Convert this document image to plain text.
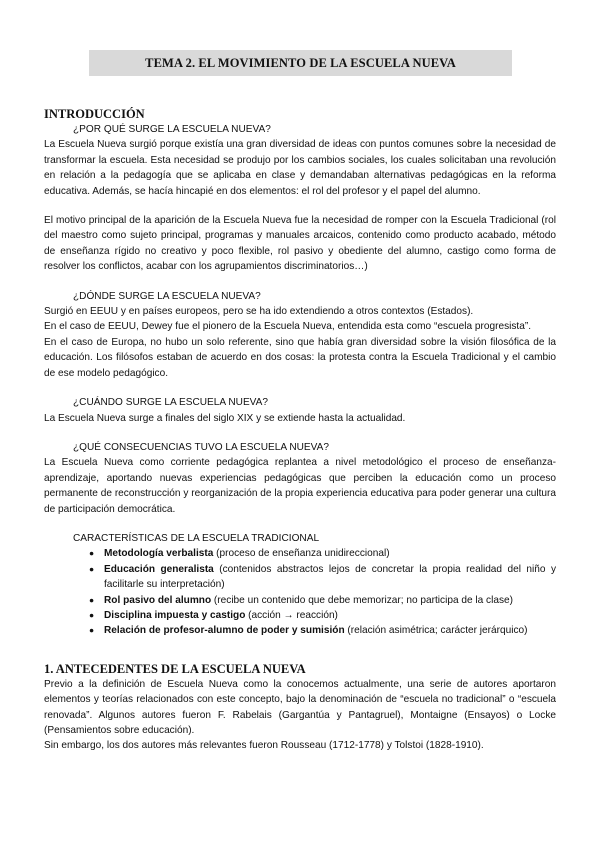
TEMA 2. EL MOVIMIENTO DE LA ESCUELA NUEVA
INTRODUCCIÓN

¿POR QUÉ SURGE LA ESCUELA NUEVA?

La Escuela Nueva surgió porque existía una gran diversidad de ideas con puntos comunes sobre la necesidad de transformar la escuela. Esta necesidad se produjo por los cambios sociales, los cuales solicitaban una revolución en relación a la pedagogía que se aplicaba en clase y demandaban alternativas pedagógicas en la reforma educativa. Además, se hacía hincapié en dos elementos: el rol del profesor y el papel del alumno.

El motivo principal de la aparición de la Escuela Nueva fue la necesidad de romper con la Escuela Tradicional (rol del maestro como sujeto principal, programas y manuales arcaicos, contenido como producto acabado, método de enseñanza rígido no creativo y poco flexible, rol pasivo y obediente del alumno, castigo como forma de resolver los conflictos, acabar con los agrupamientos discriminatorios…)

¿DÓNDE SURGE LA ESCUELA NUEVA?

Surgió en EEUU y en países europeos, pero se ha ido extendiendo a otros contextos (Estados).

En el caso de EEUU, Dewey fue el pionero de la Escuela Nueva, entendida esta como “escuela progresista”.

En el caso de Europa, no hubo un solo referente, sino que había gran diversidad sobre la visión filosófica de la educación. Los filósofos estaban de acuerdo en dos cosas: la protesta contra la Escuela Tradicional y el cambio de ese modelo pedagógico.

¿CUÁNDO SURGE LA ESCUELA NUEVA?

La Escuela Nueva surge a finales del siglo XIX y se extiende hasta la actualidad.

¿QUÉ CONSECUENCIAS TUVO LA ESCUELA NUEVA?

La Escuela Nueva como corriente pedagógica replantea a nivel metodológico el proceso de enseñanza-aprendizaje, aportando nuevas experiencias pedagógicas que perciben la educación como un proceso permanente de reconstrucción y reorganización de la propia experiencia educativa para poder generar una cultura de participación democrática.

CARACTERÍSTICAS DE LA ESCUELA TRADICIONAL

● Metodología verbalista (proceso de enseñanza unidireccional)
● Educación generalista (contenidos abstractos lejos de concretar la propia realidad del niño y facilitarle su interpretación)
● Rol pasivo del alumno (recibe un contenido que debe memorizar; no participa de la clase)
● Disciplina impuesta y castigo (acción → reacción)
● Relación de profesor-alumno de poder y sumisión (relación asimétrica; carácter jerárquico)
1. ANTECEDENTES DE LA ESCUELA NUEVA

Previo a la definición de Escuela Nueva como la conocemos actualmente, una serie de autores aportaron elementos y teorías relacionados con este concepto, bajo la denominación de “escuela no tradicional” o “escuela renovada”. Algunos autores fueron F. Rabelais (Gargantúa y Pantagruel), Montaigne (Ensayos) o Locke (Pensamientos sobre educación).

Sin embargo, los dos autores más relevantes fueron Rousseau (1712-1778) y Tolstoi (1828-1910).
